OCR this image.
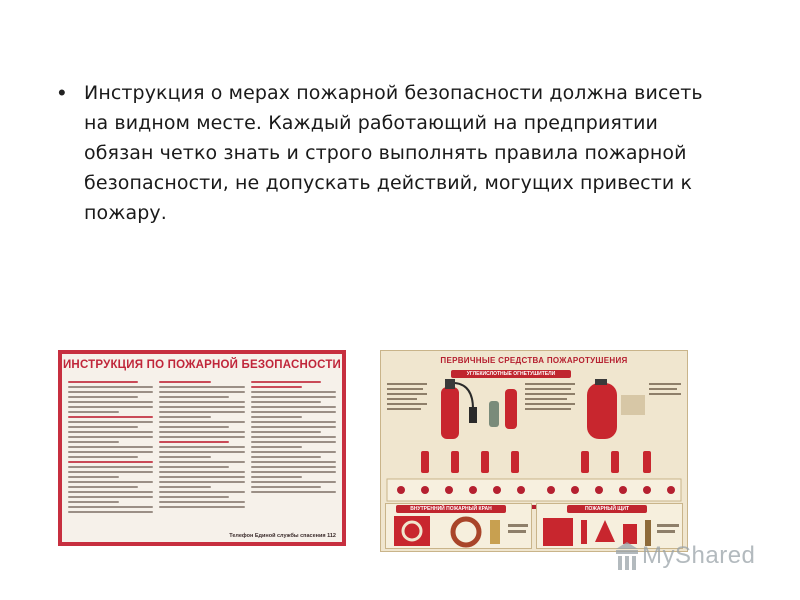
• Инструкция о мерах пожарной безопасности должна висеть на видном месте. Каждый работающий на предприятии обязан четко знать и строго выполнять правила пожарной безопасности, не допускать действий, могущих привести к пожару.
ИНСТРУКЦИЯ ПО ПОЖАРНОЙ БЕЗОПАСНОСТИ
Телефон Единой службы спасения 112
ПЕРВИЧНЫЕ СРЕДСТВА ПОЖАРОТУШЕНИЯ
УГЛЕКИСЛОТНЫЕ ОГНЕТУШИТЕЛИ
ВНУТРЕННИЙ ПОЖАРНЫЙ КРАН	ПОЖАРНЫЙ ЩИТ
MyShared
